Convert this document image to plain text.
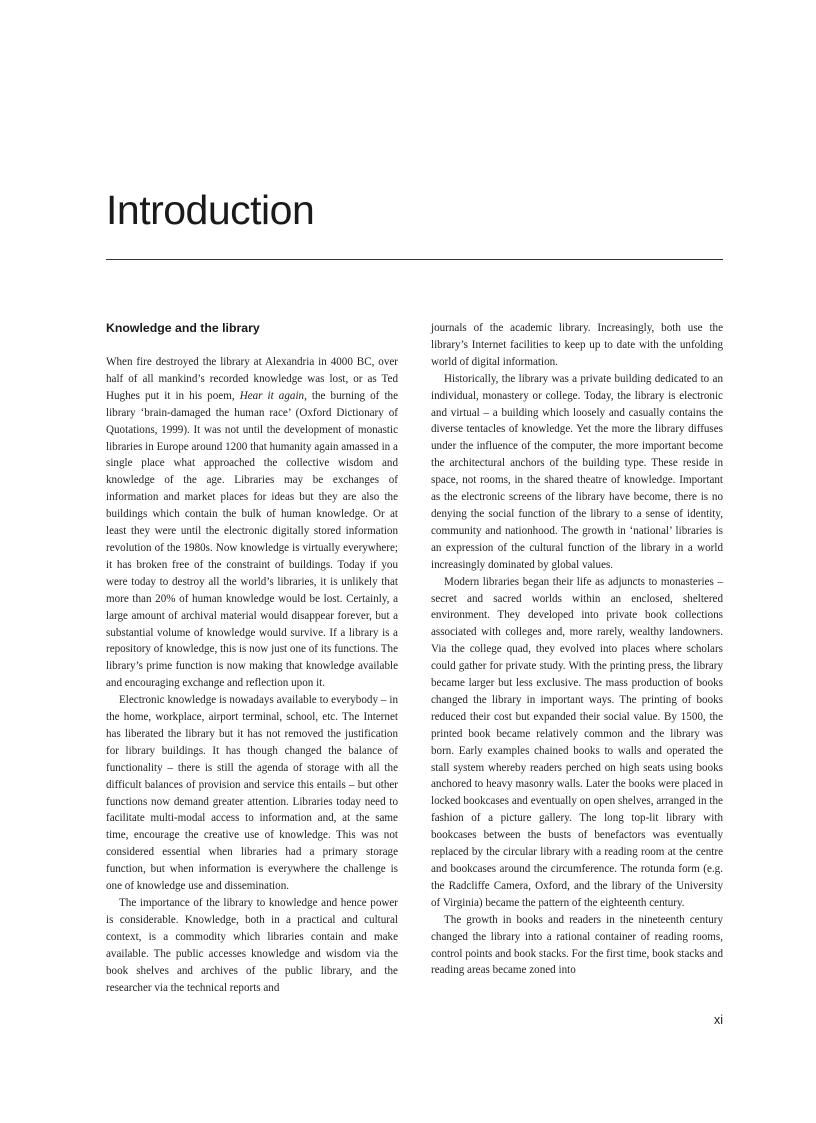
Introduction
Knowledge and the library

When fire destroyed the library at Alexandria in 4000 BC, over half of all mankind’s recorded knowledge was lost, or as Ted Hughes put it in his poem, Hear it again, the burning of the library ‘brain-damaged the human race’ (Oxford Dictionary of Quotations, 1999). It was not until the development of monastic libraries in Europe around 1200 that humanity again amassed in a single place what approached the collective wisdom and knowledge of the age. Libraries may be exchanges of information and market places for ideas but they are also the buildings which contain the bulk of human knowledge. Or at least they were until the electronic digitally stored information revolution of the 1980s. Now knowledge is virtually everywhere; it has broken free of the constraint of buildings. Today if you were today to destroy all the world’s libraries, it is unlikely that more than 20% of human knowledge would be lost. Certainly, a large amount of archival material would disappear forever, but a substantial volume of knowledge would survive. If a library is a repository of knowledge, this is now just one of its functions. The library’s prime function is now making that knowledge available and encouraging exchange and reflection upon it.

Electronic knowledge is nowadays available to everybody – in the home, workplace, airport terminal, school, etc. The Internet has liberated the library but it has not removed the justification for library buildings. It has though changed the balance of functionality – there is still the agenda of storage with all the difficult balances of provision and service this entails – but other functions now demand greater attention. Libraries today need to facilitate multi-modal access to information and, at the same time, encourage the creative use of knowledge. This was not considered essential when libraries had a primary storage function, but when information is everywhere the challenge is one of knowledge use and dissemination.

The importance of the library to knowledge and hence power is considerable. Knowledge, both in a practical and cultural context, is a commodity which libraries contain and make available. The public accesses knowledge and wisdom via the book shelves and archives of the public library, and the researcher via the technical reports and

journals of the academic library. Increasingly, both use the library’s Internet facilities to keep up to date with the unfolding world of digital information.

Historically, the library was a private building dedicated to an individual, monastery or college. Today, the library is electronic and virtual – a building which loosely and casually contains the diverse tentacles of knowledge. Yet the more the library diffuses under the influence of the computer, the more important become the architectural anchors of the building type. These reside in space, not rooms, in the shared theatre of knowledge. Important as the electronic screens of the library have become, there is no denying the social function of the library to a sense of identity, community and nationhood. The growth in ‘national’ libraries is an expression of the cultural function of the library in a world increasingly dominated by global values.

Modern libraries began their life as adjuncts to monasteries – secret and sacred worlds within an enclosed, sheltered environment. They developed into private book collections associated with colleges and, more rarely, wealthy landowners. Via the college quad, they evolved into places where scholars could gather for private study. With the printing press, the library became larger but less exclusive. The mass production of books changed the library in important ways. The printing of books reduced their cost but expanded their social value. By 1500, the printed book became relatively common and the library was born. Early examples chained books to walls and operated the stall system whereby readers perched on high seats using books anchored to heavy masonry walls. Later the books were placed in locked bookcases and eventually on open shelves, arranged in the fashion of a picture gallery. The long top-lit library with bookcases between the busts of benefactors was eventually replaced by the circular library with a reading room at the centre and bookcases around the circumference. The rotunda form (e.g. the Radcliffe Camera, Oxford, and the library of the University of Virginia) became the pattern of the eighteenth century.

The growth in books and readers in the nineteenth century changed the library into a rational container of reading rooms, control points and book stacks. For the first time, book stacks and reading areas became zoned into

xi
